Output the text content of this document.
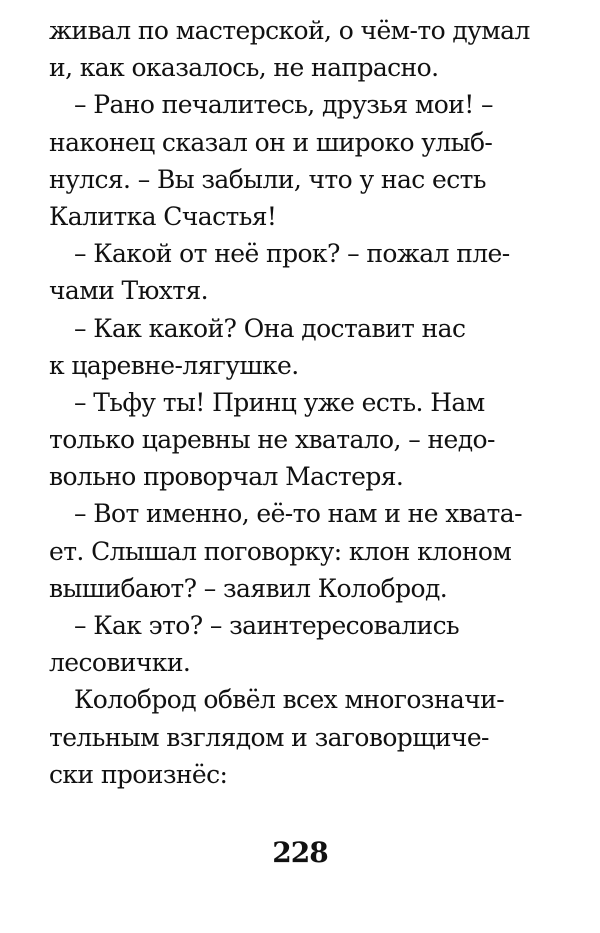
живал по мастерской, о чём-то думал
и, как оказалось, не напрасно.
– Рано печалитесь, друзья мои! –
наконец сказал он и широко улыб-
нулся. – Вы забыли, что у нас есть
Калитка Счастья!
– Какой от неё прок? – пожал пле-
чами Тюхтя.
– Как какой? Она доставит нас
к царевне-лягушке.
– Тьфу ты! Принц уже есть. Нам
только царевны не хватало, – недо-
вольно проворчал Мастеря.
– Вот именно, её-то нам и не хвата-
ет. Слышал поговорку: клон клоном
вышибают? – заявил Колоброд.
– Как это? – заинтересовались
лесовички.
Колоброд обвёл всех многозначи-
тельным взглядом и заговорщиче-
ски произнёс:
228
